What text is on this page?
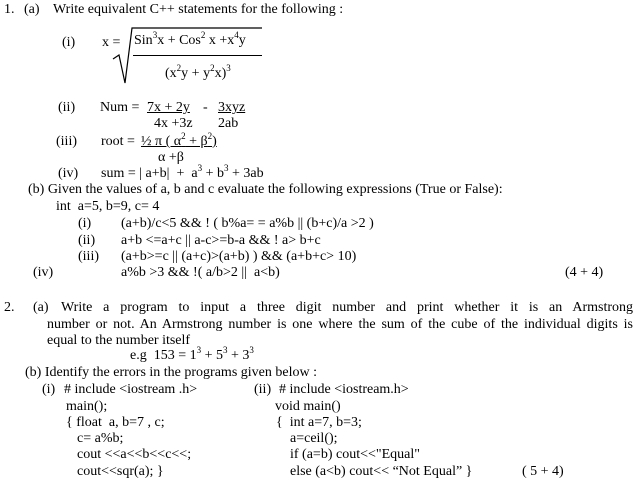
1. (a) Write equivalent C++ statements for the following :
(i) x = Sin$^3$x + Cos$^2$ $x +x^4y$
$(x^2y + y^2x)^3$
(ii) Num = 7x + 2y - 3xyz
4x +3z 2ab
(iii) root = ½ π ( $\alpha^2 + \beta^2$)
α +β
(iv) sum = | $a+b| + a^3 + b^3 + 3ab$
(b) Given the values of a, b and c evaluate the following expressions (True or False):
int  a=5, b=9, c= 4
(i) (a+b)/c<5 && ! ( b%a= = a%b || (b+c)/a >2 )
(ii) a+b <=a+c || a-c>=b-a && ! a> b+c
(iii) (a+b>=c || (a+c)>(a+b) ) && (a+b+c> 10)
(iv)	a%b >3 && !( a/b>2 ||  a<b)	(4 + 4)
2. (a) Write a program to input a three digit number and print whether it is an Armstrong
number or not. An Armstrong number is one where the sum of the cube of the individual digits is
equal to the number itself
e.g  $153 = 1^3 + 5^3 + 3^3$
(b) Identify the errors in the programs given below :
(i) # include <iostream .h>
main();
{ float  a, b=7 , c;
c= a%b;
cout <<a<<b<<c<<;
cout<<sqr(a); }
(ii) # include <iostream.h>
void main()
{  int a=7, b=3;
a=ceil();
if (a=b) cout<<"Equal"
else (a<b) cout<< “Not Equal” }	( 5 + 4)
